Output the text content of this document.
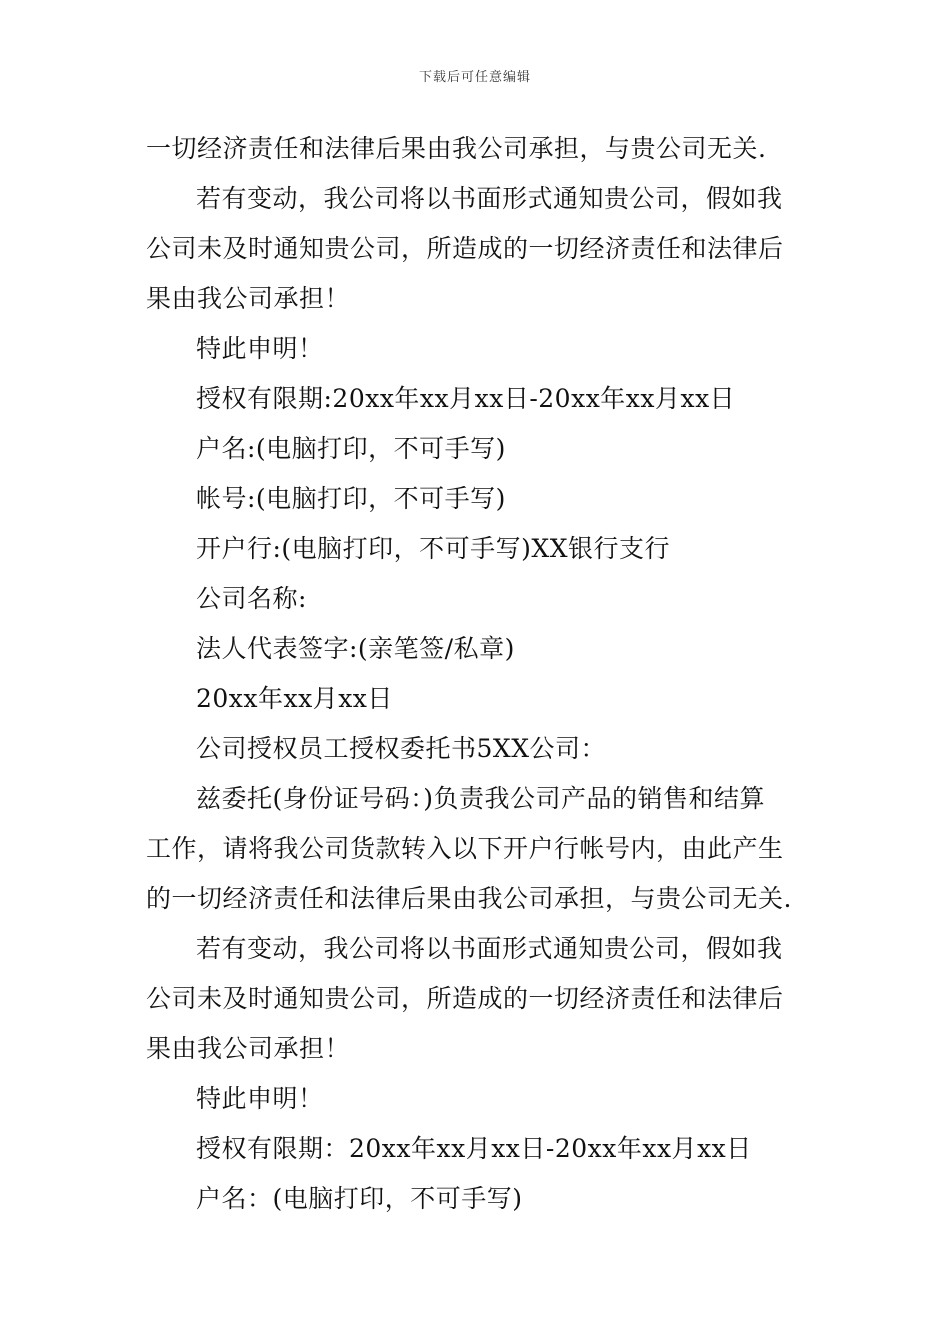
下载后可任意编辑
一切经济责任和法律后果由我公司承担，与贵公司无关.
若有变动，我公司将以书面形式通知贵公司，假如我
公司未及时通知贵公司，所造成的一切经济责任和法律后
果由我公司承担！
特此申明！
授权有限期:20xx年xx月xx日-20xx年xx月xx日
户名:(电脑打印，不可手写)
帐号:(电脑打印，不可手写)
开户行:(电脑打印，不可手写)XX银行支行
公司名称:
法人代表签字:(亲笔签/私章)
20xx年xx月xx日
公司授权员工授权委托书5XX公司：
兹委托(身份证号码：)负责我公司产品的销售和结算
工作，请将我公司货款转入以下开户行帐号内，由此产生
的一切经济责任和法律后果由我公司承担，与贵公司无关.
若有变动，我公司将以书面形式通知贵公司，假如我
公司未及时通知贵公司，所造成的一切经济责任和法律后
果由我公司承担！
特此申明！
授权有限期：20xx年xx月xx日-20xx年xx月xx日
户名：(电脑打印，不可手写)
